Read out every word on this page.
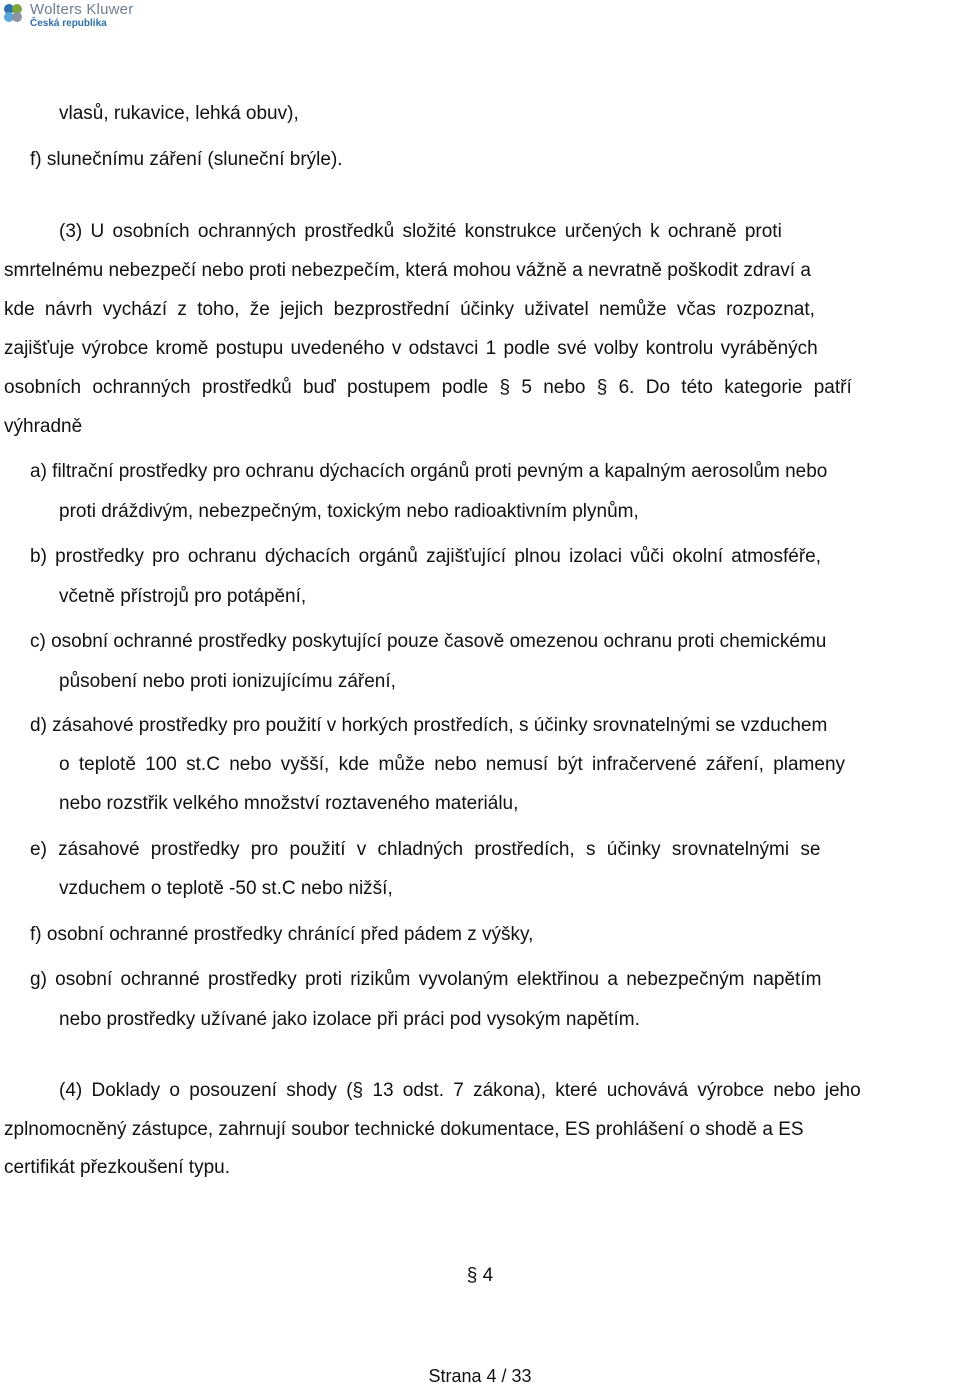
Wolters Kluwer
Česká republika
vlasů, rukavice, lehká obuv),
f) slunečnímu záření (sluneční brýle).
(3) U osobních ochranných prostředků složité konstrukce určených k ochraně proti
smrtelnému nebezpečí nebo proti nebezpečím, která mohou vážně a nevratně poškodit zdraví a
kde návrh vychází z toho, že jejich bezprostřední účinky uživatel nemůže včas rozpoznat,
zajišťuje výrobce kromě postupu uvedeného v odstavci 1 podle své volby kontrolu vyráběných
osobních ochranných prostředků buď postupem podle § 5 nebo § 6. Do této kategorie patří
výhradně
a) filtrační prostředky pro ochranu dýchacích orgánů proti pevným a kapalným aerosolům nebo
proti dráždivým, nebezpečným, toxickým nebo radioaktivním plynům,
b) prostředky pro ochranu dýchacích orgánů zajišťující plnou izolaci vůči okolní atmosféře,
včetně přístrojů pro potápění,
c) osobní ochranné prostředky poskytující pouze časově omezenou ochranu proti chemickému
působení nebo proti ionizujícímu záření,
d) zásahové prostředky pro použití v horkých prostředích, s účinky srovnatelnými se vzduchem
o teplotě 100 st.C nebo vyšší, kde může nebo nemusí být infračervené záření, plameny
nebo rozstřik velkého množství roztaveného materiálu,
e) zásahové prostředky pro použití v chladných prostředích, s účinky srovnatelnými se
vzduchem o teplotě -50 st.C nebo nižší,
f) osobní ochranné prostředky chránící před pádem z výšky,
g) osobní ochranné prostředky proti rizikům vyvolaným elektřinou a nebezpečným napětím
nebo prostředky užívané jako izolace při práci pod vysokým napětím.
(4) Doklady o posouzení shody (§ 13 odst. 7 zákona), které uchovává výrobce nebo jeho
zplnomocněný zástupce, zahrnují soubor technické dokumentace, ES prohlášení o shodě a ES
certifikát přezkoušení typu.
§ 4
Strana 4 / 33
